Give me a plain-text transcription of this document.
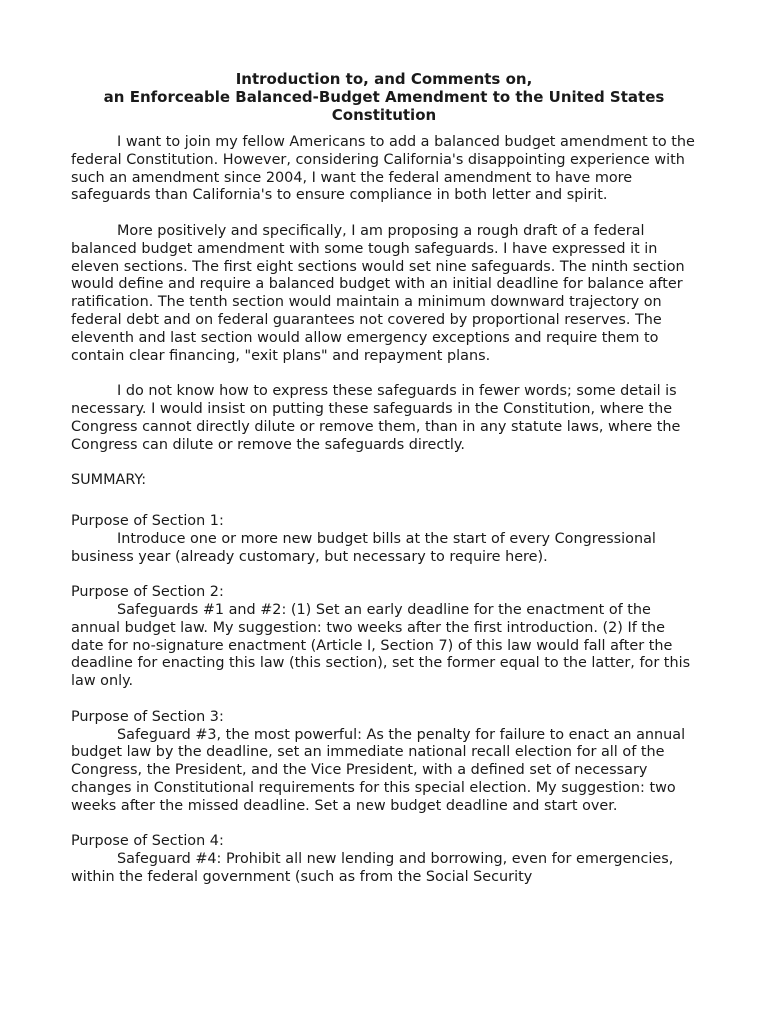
Introduction to, and Comments on,
an Enforceable Balanced-Budget Amendment to the United States
Constitution

I want to join my fellow Americans to add a balanced budget amendment to the federal Constitution. However, considering California's disappointing experience with such an amendment since 2004, I want the federal amendment to have more safeguards than California's to ensure compliance in both letter and spirit.

More positively and specifically, I am proposing a rough draft of a federal balanced budget amendment with some tough safeguards. I have expressed it in eleven sections. The first eight sections would set nine safeguards. The ninth section would define and require a balanced budget with an initial deadline for balance after ratification. The tenth section would maintain a minimum downward trajectory on federal debt and on federal guarantees not covered by proportional reserves. The eleventh and last section would allow emergency exceptions and require them to contain clear financing, "exit plans" and repayment plans.

I do not know how to express these safeguards in fewer words; some detail is necessary. I would insist on putting these safeguards in the Constitution, where the Congress cannot directly dilute or remove them, than in any statute laws, where the Congress can dilute or remove the safeguards directly.

SUMMARY:

Purpose of Section 1:

Introduce one or more new budget bills at the start of every Congressional business year (already customary, but necessary to require here).

Purpose of Section 2:

Safeguards #1 and #2: (1) Set an early deadline for the enactment of the annual budget law. My suggestion: two weeks after the first introduction. (2) If the date for no-signature enactment (Article I, Section 7) of this law would fall after the deadline for enacting this law (this section), set the former equal to the latter, for this law only.

Purpose of Section 3:

Safeguard #3, the most powerful: As the penalty for failure to enact an annual budget law by the deadline, set an immediate national recall election for all of the Congress, the President, and the Vice President, with a defined set of necessary changes in Constitutional requirements for this special election. My suggestion: two weeks after the missed deadline. Set a new budget deadline and start over.

Purpose of Section 4:

Safeguard #4: Prohibit all new lending and borrowing, even for emergencies, within the federal government (such as from the Social Security
